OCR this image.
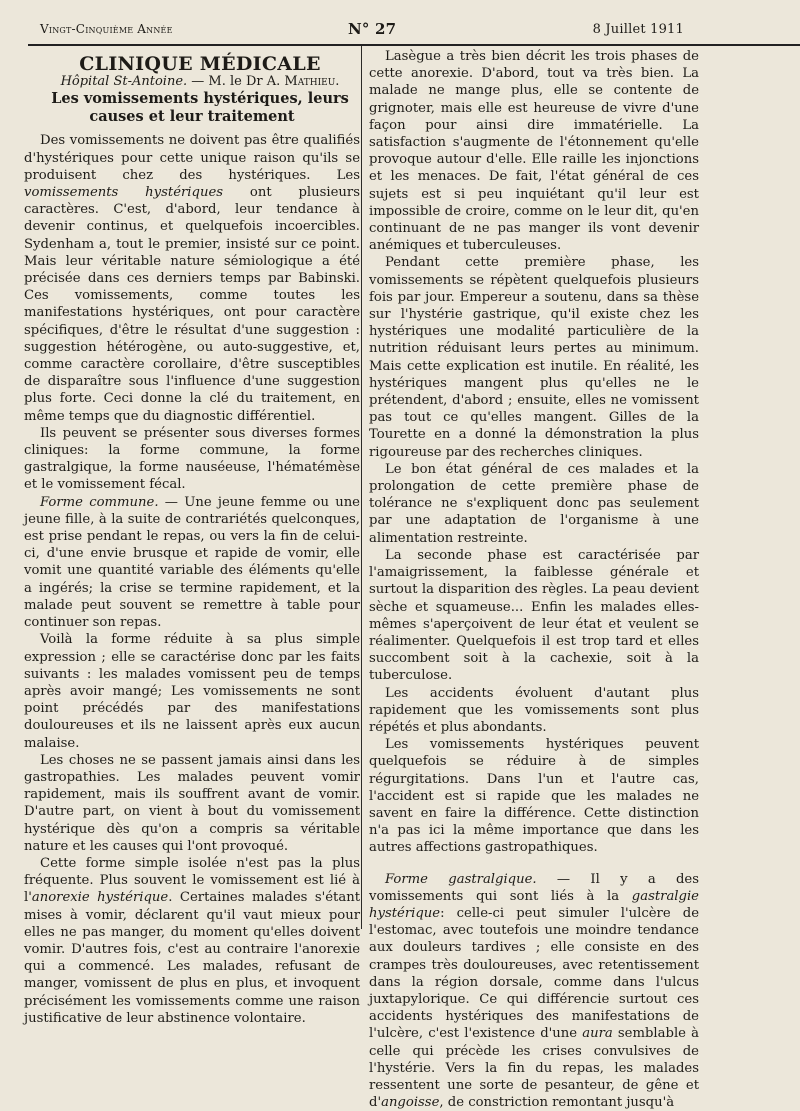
Vingt-Cinquième Année	N° 27	8 Juillet 1911

CLINIQUE MÉDICALE

Hôpital St-Antoine. — M. le Dr A. Mathieu.

Les vomissements hystériques, leurs causes et leur traitement

Des vomissements ne doivent pas être qualifiés d'hystériques pour cette unique raison qu'ils se produisent chez des hystériques. Les vomissements hystériques ont plusieurs caractères. C'est, d'abord, leur tendance à devenir continus, et quelquefois incoercibles. Sydenham a, tout le premier, insisté sur ce point. Mais leur véritable nature sémiologique a été précisée dans ces derniers temps par Babinski. Ces vomissements, comme toutes les manifestations hystériques, ont pour caractère spécifiques, d'être le résultat d'une suggestion : suggestion hétérogène, ou auto-suggestive, et, comme caractère corollaire, d'être susceptibles de disparaître sous l'influence d'une suggestion plus forte. Ceci donne la clé du traitement, en même temps que du diagnostic différentiel.

Ils peuvent se présenter sous diverses formes cliniques: la forme commune, la forme gastralgique, la forme nauséeuse, l'hématémèse et le vomissement fécal.

Forme commune. — Une jeune femme ou une jeune fille, à la suite de contrariétés quelconques, est prise pendant le repas, ou vers la fin de celui-ci, d'une envie brusque et rapide de vomir, elle vomit une quantité variable des éléments qu'elle a ingérés; la crise se termine rapidement, et la malade peut souvent se remettre à table pour continuer son repas.

Voilà la forme réduite à sa plus simple expression ; elle se caractérise donc par les faits suivants : les malades vomissent peu de temps après avoir mangé; Les vomissements ne sont point précédés par des manifestations douloureuses et ils ne laissent après eux aucun malaise.

Les choses ne se passent jamais ainsi dans les gastropathies. Les malades peuvent vomir rapidement, mais ils souffrent avant de vomir. D'autre part, on vient à bout du vomissement hystérique dès qu'on a compris sa véritable nature et les causes qui l'ont provoqué.

Cette forme simple isolée n'est pas la plus fréquente. Plus souvent le vomissement est lié à l'anorexie hystérique. Certaines malades s'étant mises à vomir, déclarent qu'il vaut mieux pour elles ne pas manger, du moment qu'elles doivent vomir. D'autres fois, c'est au contraire l'anorexie qui a commencé. Les malades, refusant de manger, vomissent de plus en plus, et invoquent précisément les vomissements comme une raison justificative de leur abstinence volontaire.

Lasègue a très bien décrit les trois phases de cette anorexie. D'abord, tout va très bien. La malade ne mange plus, elle se contente de grignoter, mais elle est heureuse de vivre d'une façon pour ainsi dire immatérielle. La satisfaction s'augmente de l'étonnement qu'elle provoque autour d'elle. Elle raille les injonctions et les menaces. De fait, l'état général de ces sujets est si peu inquiétant qu'il leur est impossible de croire, comme on le leur dit, qu'en continuant de ne pas manger ils vont devenir anémiques et tuberculeuses.

Pendant cette première phase, les vomissements se répètent quelquefois plusieurs fois par jour. Empereur a soutenu, dans sa thèse sur l'hystérie gastrique, qu'il existe chez les hystériques une modalité particulière de la nutrition réduisant leurs pertes au minimum. Mais cette explication est inutile. En réalité, les hystériques mangent plus qu'elles ne le prétendent, d'abord ; ensuite, elles ne vomissent pas tout ce qu'elles mangent. Gilles de la Tourette en a donné la démonstration la plus rigoureuse par des recherches cliniques.

Le bon état général de ces malades et la prolongation de cette première phase de tolérance ne s'expliquent donc pas seulement par une adaptation de l'organisme à une alimentation restreinte.

La seconde phase est caractérisée par l'amaigrissement, la faiblesse générale et surtout la disparition des règles. La peau devient sèche et squameuse... Enfin les malades elles-mêmes s'aperçoivent de leur état et veulent se réalimenter. Quelquefois il est trop tard et elles succombent soit à la cachexie, soit à la tuberculose.

Les accidents évoluent d'autant plus rapidement que les vomissements sont plus répétés et plus abondants.

Les vomissements hystériques peuvent quelquefois se réduire à de simples régurgitations. Dans l'un et l'autre cas, l'accident est si rapide que les malades ne savent en faire la différence. Cette distinction n'a pas ici la même importance que dans les autres affections gastropathiques.

Forme gastralgique. — Il y a des vomissements qui sont liés à la gastralgie hystérique: celle-ci peut simuler l'ulcère de l'estomac, avec toutefois une moindre tendance aux douleurs tardives ; elle consiste en des crampes très douloureuses, avec retentissement dans la région dorsale, comme dans l'ulcus juxtapylorique. Ce qui différencie surtout ces accidents hystériques des manifestations de l'ulcère, c'est l'existence d'une aura semblable à celle qui précède les crises convulsives de l'hystérie. Vers la fin du repas, les malades ressentent une sorte de pesanteur, de gêne et d'angoisse, de constriction remontant jusqu'à
